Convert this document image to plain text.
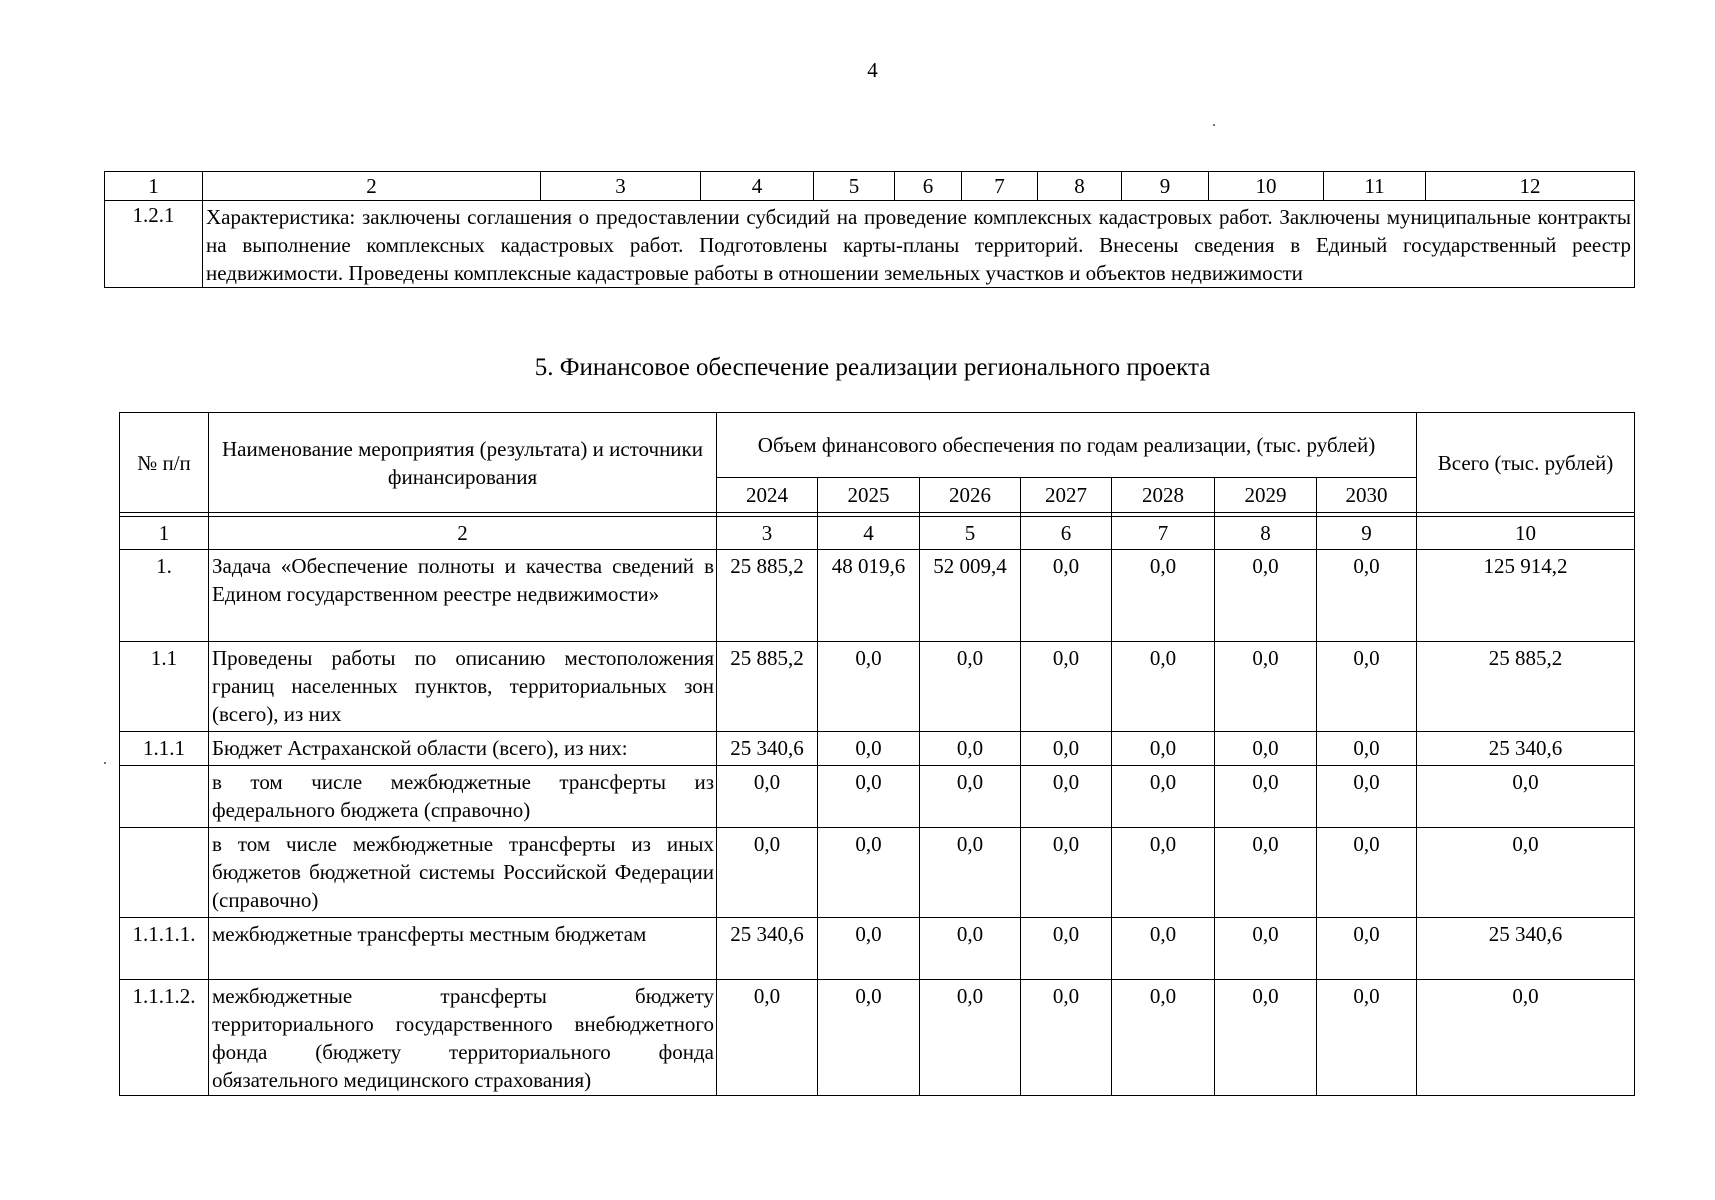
4
1	2	3	4	5	6	7	8	9	10	11	12
1.2.1	Характеристика: заключены соглашения о предоставлении субсидий на проведение комплексных кадастровых работ. Заключены муниципальные контракты на выполнение комплексных кадастровых работ. Подготовлены карты-планы территорий. Внесены сведения в Единый государственный реестр недвижимости. Проведены комплексные кадастровые работы в отношении земельных участков и объектов недвижимости										
5. Финансовое обеспечение реализации регионального проекта
№ п/п	Наименование мероприятия (результата) и источники финансирования	Объем финансового обеспечения по годам реализации, (тыс. рублей)							Всего (тыс. рублей)
		2024	2025	2026	2027	2028	2029	2030	

1	2	3	4	5	6	7	8	9	10
1.	Задача «Обеспечение полноты и качества сведений в Едином государственном реестре недвижимости»	25 885,2	48 019,6	52 009,4	0,0	0,0	0,0	0,0	125 914,2
1.1	Проведены работы по описанию местоположения границ населенных пунктов, территориальных зон (всего), из них	25 885,2	0,0	0,0	0,0	0,0	0,0	0,0	25 885,2
1.1.1	Бюджет Астраханской области (всего), из них:	25 340,6	0,0	0,0	0,0	0,0	0,0	0,0	25 340,6
	в том числе межбюджетные трансферты из федерального бюджета (справочно)	0,0	0,0	0,0	0,0	0,0	0,0	0,0	0,0
	в том числе межбюджетные трансферты из иных бюджетов бюджетной системы Российской Федерации (справочно)	0,0	0,0	0,0	0,0	0,0	0,0	0,0	0,0
1.1.1.1.	межбюджетные трансферты местным бюджетам	25 340,6	0,0	0,0	0,0	0,0	0,0	0,0	25 340,6
1.1.1.2.	межбюджетные трансферты бюджету территориального государственного внебюджетного фонда (бюджету территориального фонда обязательного медицинского страхования)	0,0	0,0	0,0	0,0	0,0	0,0	0,0	0,0
